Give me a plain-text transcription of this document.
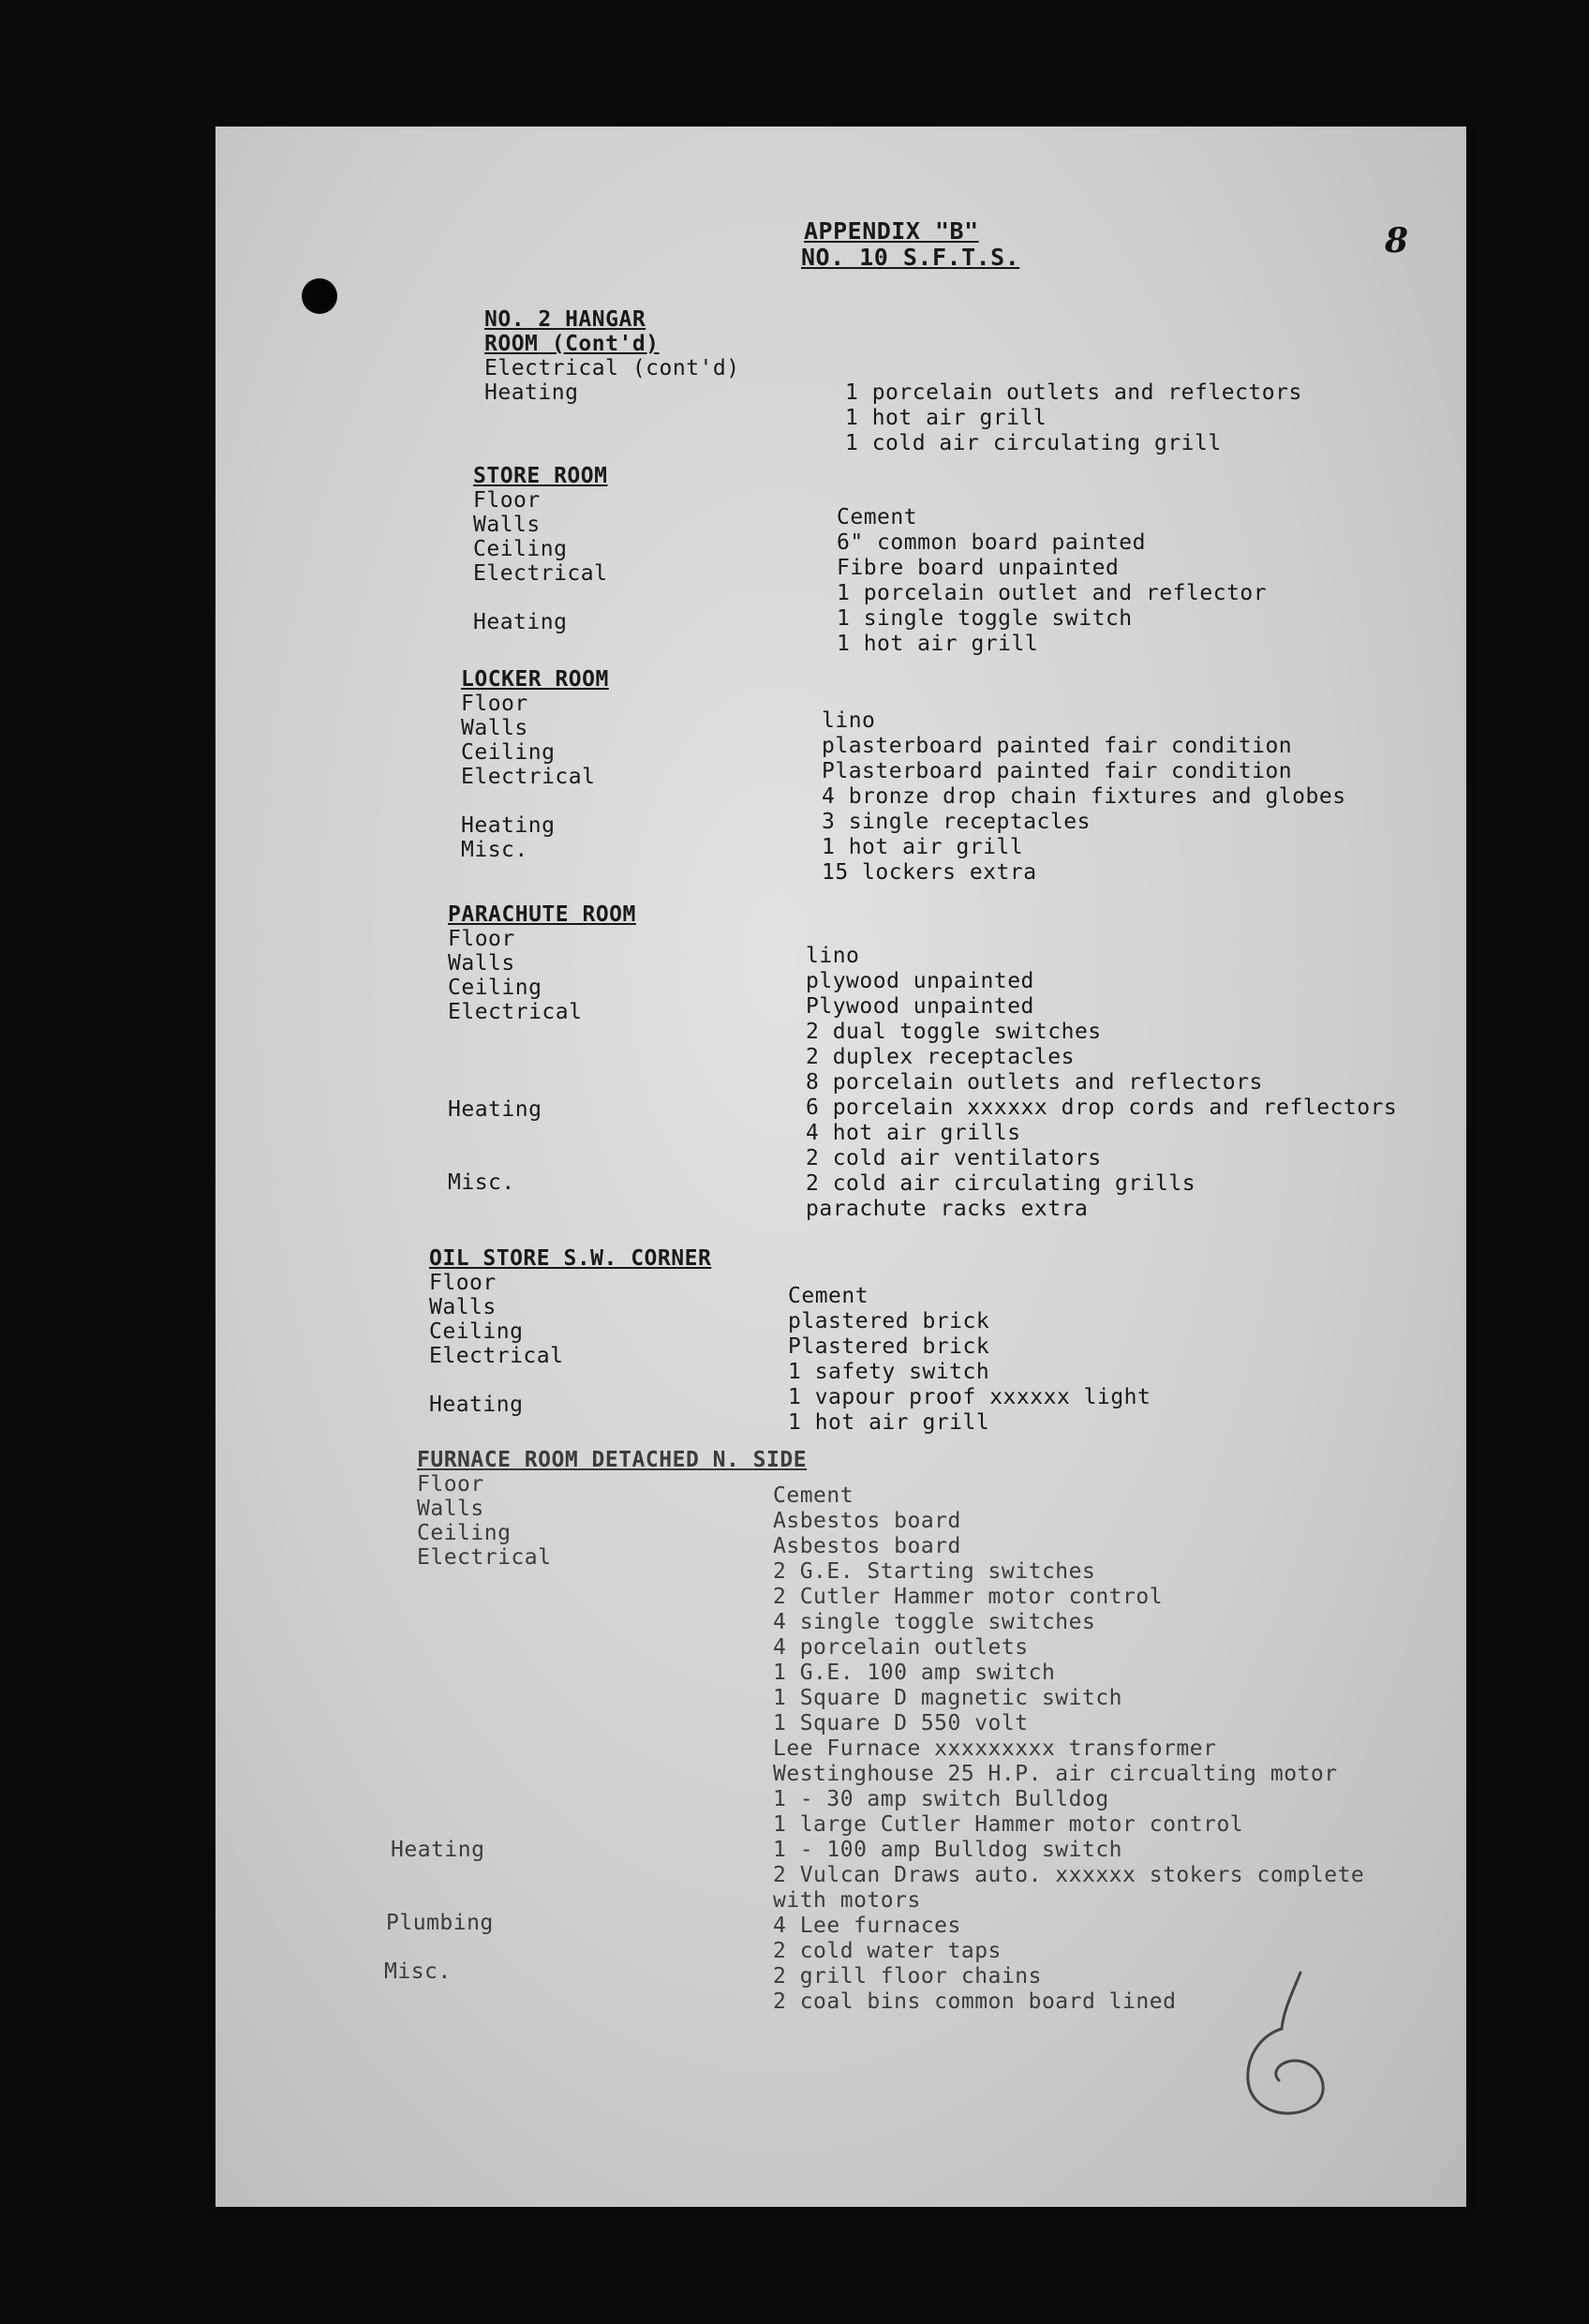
APPENDIX "B"
NO. 10 S.F.T.S.	8
NO. 2 HANGAR
ROOM (Cont'd)
Electrical (cont'd)
Heating	1 porcelain outlets and reflectors
1 hot air grill
1 cold air circulating grill
STORE ROOM
Floor
Walls
Ceiling
Electrical
Heating
Cement
6" common board painted
Fibre board unpainted
1 porcelain outlet and reflector
1 single toggle switch
1 hot air grill
LOCKER ROOM
Floor
Walls
Ceiling
Electrical
Heating
Misc.
lino
plasterboard painted fair condition
Plasterboard painted fair condition
4 bronze drop chain fixtures and globes
3 single receptacles
1 hot air grill
15 lockers extra
PARACHUTE ROOM
Floor
Walls
Ceiling
Electrical
Heating
Misc.
lino
plywood unpainted
Plywood unpainted
2 dual toggle switches
2 duplex receptacles
8 porcelain outlets and reflectors
6 porcelain xxxxxx drop cords and reflectors
4 hot air grills
2 cold air ventilators
2 cold air circulating grills
parachute racks extra
OIL STORE S.W. CORNER
Floor
Walls
Ceiling
Electrical
Heating
Cement
plastered brick
Plastered brick
1 safety switch
1 vapour proof xxxxxx light
1 hot air grill
FURNACE ROOM DETACHED N. SIDE
Floor
Walls
Ceiling
Electrical
Heating
Plumbing
Misc.
Cement
Asbestos board
Asbestos board
2 G.E. Starting switches
2 Cutler Hammer motor control
4 single toggle switches
4 porcelain outlets
1 G.E. 100 amp switch
1 Square D magnetic switch
1 Square D 550 volt
Lee Furnace xxxxxxxxx transformer
Westinghouse 25 H.P. air circualting motor
1 - 30 amp switch Bulldog
1 large Cutler Hammer motor control
1 - 100 amp Bulldog switch
2 Vulcan Draws auto. xxxxxx stokers complete
with motors
4 Lee furnaces
2 cold water taps
2 grill floor chains
2 coal bins common board lined
